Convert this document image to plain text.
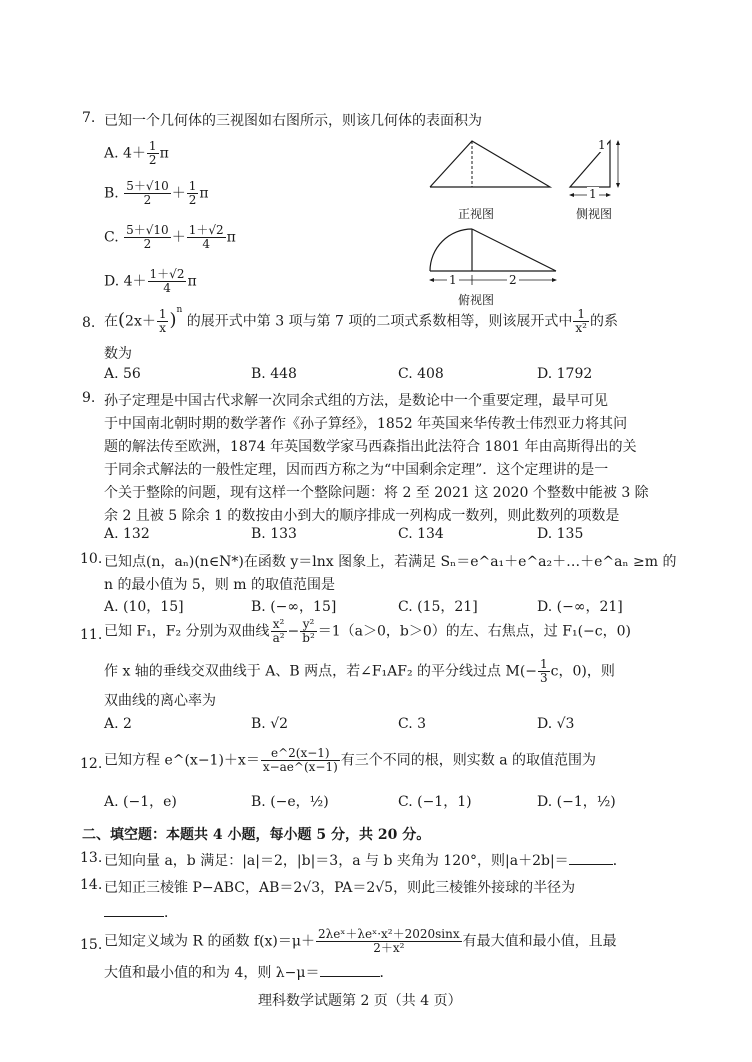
7. 已知一个几何体的三视图如右图所示，则该几何体的表面积为
A. $4+ \frac{1}{2}$ π
B. $\frac{5+√10}{2} + \frac{1}{2}$ π
C. $\frac{5+√10}{2} + \frac{1+√2}{4}$ π
D. $4+ \frac{1+√2}{4}$ π
1
1
正视图	侧视图
1	2
俯视图
8. 在$(2x+ \frac{1}{x} )^n$ 的展开式中第 3 项与第 7 项的二项式系数相等，则该展开式中 $\frac{1}{\text{x²}}$ 的系
数为
A. 56	B. 448	C. 408	D. 1792
9. 孙子定理是中国古代求解一次同余式组的方法，是数论中一个重要定理，最早可见
于中国南北朝时期的数学著作《孙子算经》，1852 年英国来华传教士伟烈亚力将其问
题的解法传至欧洲，1874 年英国数学家马西森指出此法符合 1801 年由高斯得出的关
于同余式解法的一般性定理，因而西方称之为“中国剩余定理”．这个定理讲的是一
个关于整除的问题，现有这样一个整除问题：将 2 至 2021 这 2020 个整数中能被 3 除
余 2 且被 5 除余 1 的数按由小到大的顺序排成一列构成一数列，则此数列的项数是
A. 132	B. 133	C. 134	D. 135
10. 已知点(n，aₙ)(n∈N*)在函数 y＝lnx 图象上，若满足 Sₙ＝e^a₁＋e^a₂＋…＋e^aₙ ≥m 的
n 的最小值为 5，则 m 的取值范围是
A. (10，15]	B. (−∞，15]	C. (15，21]	D. (−∞，21]
11. 已知 F₁，F₂ 分别为双曲线 $\frac{\text{x²}}{\text{a²}} - \frac{\text{y²}}{\text{b²}} =1(a>0$，b＞0）的左、右焦点，过 F₁(−c，0)
作 x 轴的垂线交双曲线于 A、B 两点，若∠F₁AF₂ 的平分线过点 $M(- \frac{1}{3}$ c，0)，则
双曲线的离心率为
A. 2	B. √2	C. 3	D. √3
12. 已知方程 e^(x−1)＋x＝ $\frac{e\^{}2(x-1)}{x-ae\^{}(x-1)}$ 有三个不同的根，则实数 a 的取值范围为
A. (−1，e)	B. (−e，½)	C. (−1，1)	D. (−1，½)
二、填空题：本题共 4 小题，每小题 5 分，共 20 分。
13. 已知向量 a，b 满足：|a|＝2，|b|＝3，a 与 b 夹角为 120°，则|a＋2b|＝	．
14. 已知正三棱锥 P−ABC，AB＝2√3，PA＝2√5，则此三棱锥外接球的半径为
．
15. 已知定义域为 R 的函数 $f(x)=\mu+ \frac{\text{2λeˣ＋λeˣ·x²＋2020sinx}}{\text{2＋x²}}$ 有最大值和最小值，且最
大值和最小值的和为 4，则 λ−μ＝	．
理科数学试题第 2 页（共 4 页）
